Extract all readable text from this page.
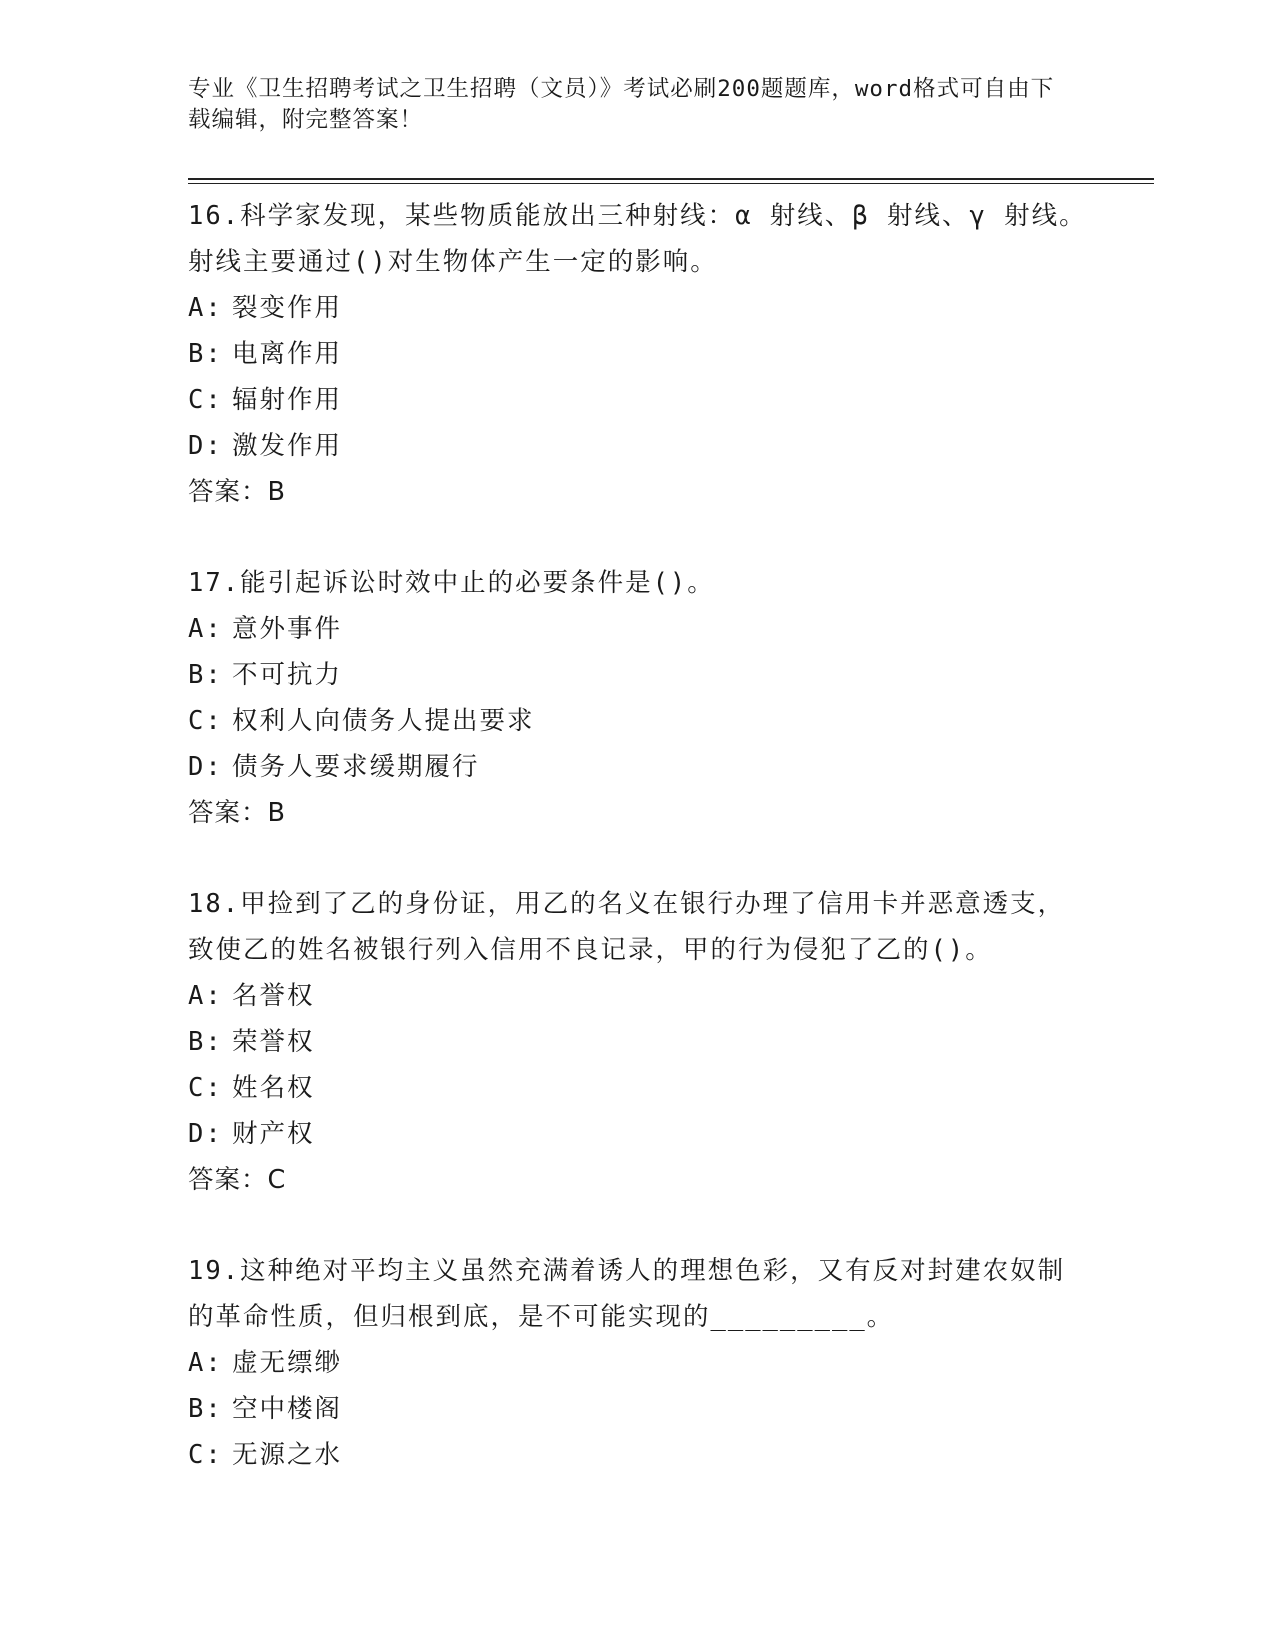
专业《卫生招聘考试之卫生招聘（文员）》考试必刷200题题库，word格式可自由下载编辑，附完整答案！
16.科学家发现，某些物质能放出三种射线：α 射线、β 射线、γ 射线。射线主要通过()对生物体产生一定的影响。
A: 裂变作用
B: 电离作用
C: 辐射作用
D: 激发作用
答案：B
17.能引起诉讼时效中止的必要条件是()。
A: 意外事件
B: 不可抗力
C: 权利人向债务人提出要求
D: 债务人要求缓期履行
答案：B
18.甲捡到了乙的身份证，用乙的名义在银行办理了信用卡并恶意透支，致使乙的姓名被银行列入信用不良记录，甲的行为侵犯了乙的()。
A: 名誉权
B: 荣誉权
C: 姓名权
D: 财产权
答案：C
19.这种绝对平均主义虽然充满着诱人的理想色彩，又有反对封建农奴制的革命性质，但归根到底，是不可能实现的_________。
A: 虚无缥缈
B: 空中楼阁
C: 无源之水
